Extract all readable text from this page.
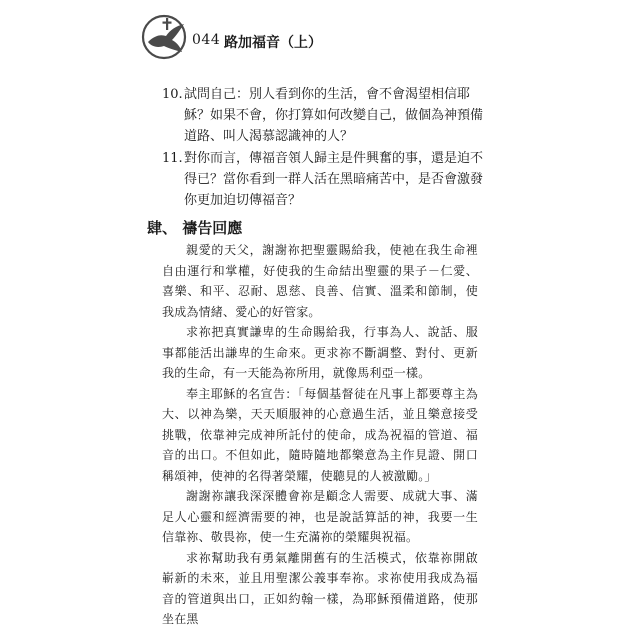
044 路加福音（上）
10. 試問自己：別人看到你的生活，會不會渴望相信耶穌？如果不會，你打算如何改變自己，做個為神預備道路、叫人渴慕認識神的人？
11. 對你而言，傳福音領人歸主是件興奮的事，還是迫不得已？當你看到一群人活在黑暗痛苦中，是否會激發你更加迫切傳福音？
肆、 禱告回應

親愛的天父，謝謝祢把聖靈賜給我，使祂在我生命裡自由運行和掌權，好使我的生命結出聖靈的果子－仁愛、喜樂、和平、忍耐、恩慈、良善、信實、溫柔和節制，使我成為情緒、愛心的好管家。

求祢把真實謙卑的生命賜給我，行事為人、說話、服事都能活出謙卑的生命來。更求祢不斷調整、對付、更新我的生命，有一天能為祢所用，就像馬利亞一樣。

奉主耶穌的名宣告：「每個基督徒在凡事上都要尊主為大、以神為樂，天天順服神的心意過生活，並且樂意接受挑戰，依靠神完成神所託付的使命，成為祝福的管道、福音的出口。不但如此，隨時隨地都樂意為主作見證、開口稱頌神，使神的名得著榮耀，使聽見的人被激勵。」

謝謝祢讓我深深體會祢是顧念人需要、成就大事、滿足人心靈和經濟需要的神，也是說話算話的神，我要一生信靠祢、敬畏祢，使一生充滿祢的榮耀與祝福。

求祢幫助我有勇氣離開舊有的生活模式，依靠祢開啟嶄新的未來，並且用聖潔公義事奉祢。求祢使用我成為福音的管道與出口，正如約翰一樣，為耶穌預備道路，使那坐在黑
